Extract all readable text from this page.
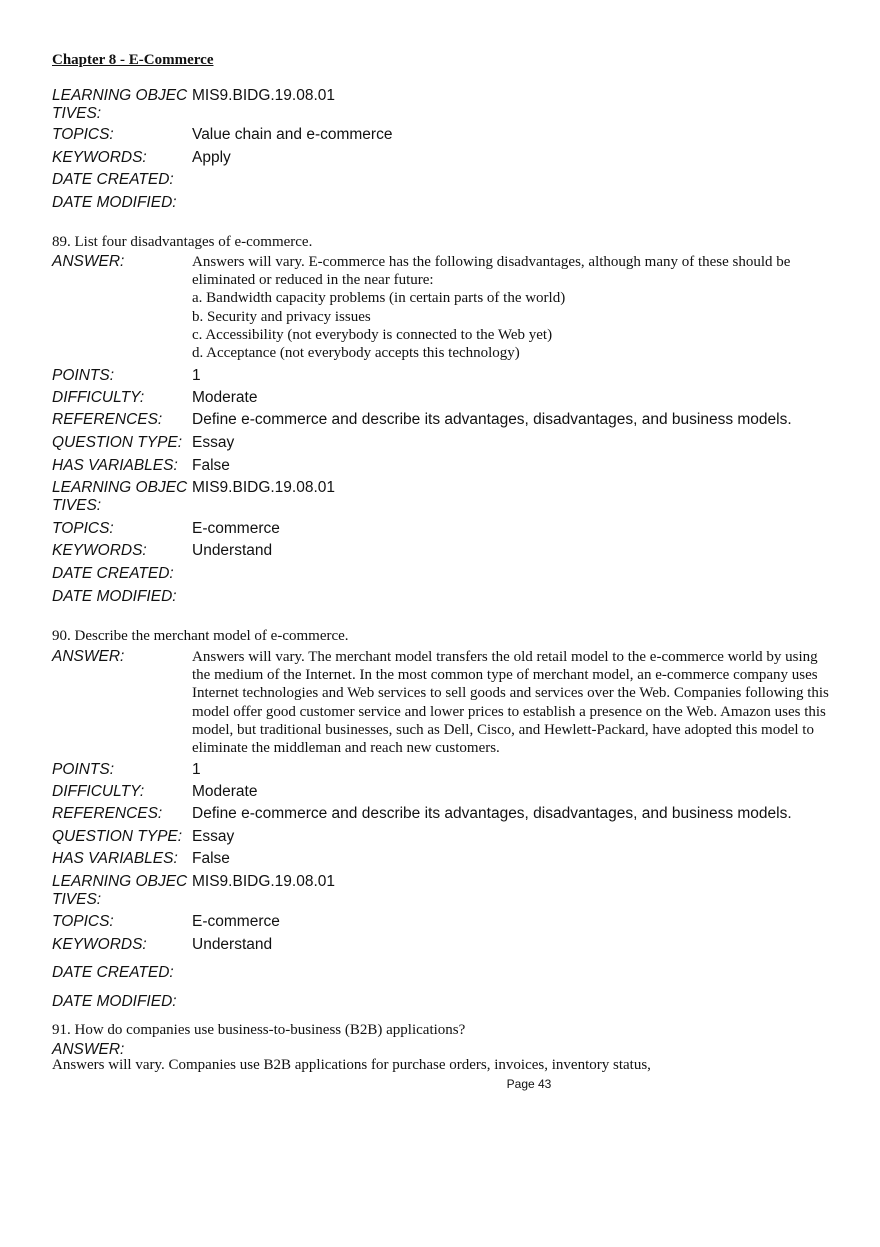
Chapter 8 - E-Commerce
LEARNING OBJECTIVES:
MIS9.BIDG.19.08.01
TOPICS:	Value chain and e-commerce
KEYWORDS:	Apply
DATE CREATED:
DATE MODIFIED:
89. List four disadvantages of e-commerce.
ANSWER:	Answers will vary. E-commerce has the following disadvantages, although many of these should be eliminated or reduced in the near future:

a. Bandwidth capacity problems (in certain parts of the world)

b. Security and privacy issues

c. Accessibility (not everybody is connected to the Web yet)

d. Acceptance (not everybody accepts this technology)

POINTS:	1
DIFFICULTY:	Moderate
REFERENCES:	Define e-commerce and describe its advantages, disadvantages, and business models.
QUESTION TYPE: Essay
HAS VARIABLES: False
LEARNING OBJECTIVES:
MIS9.BIDG.19.08.01
TOPICS:	E-commerce
KEYWORDS:	Understand
DATE CREATED:
DATE MODIFIED:
90. Describe the merchant model of e-commerce.
ANSWER:	Answers will vary. The merchant model transfers the old retail model to the e-commerce world by using the medium of the Internet. In the most common type of merchant model, an e-commerce company uses Internet technologies and Web services to sell goods and services over the Web. Companies following this model offer good customer service and lower prices to establish a presence on the Web. Amazon uses this model, but traditional businesses, such as Dell, Cisco, and Hewlett-Packard, have adopted this model to eliminate the middleman and reach new customers.
POINTS:	1
DIFFICULTY:	Moderate
REFERENCES:	Define e-commerce and describe its advantages, disadvantages, and business models.
QUESTION TYPE: Essay
HAS VARIABLES: False
LEARNING OBJECTIVES:
MIS9.BIDG.19.08.01
TOPICS:	E-commerce
KEYWORDS:	Understand
DATE CREATED:
DATE MODIFIED:
91. How do companies use business-to-business (B2B) applications?
ANSWER:
Answers will vary. Companies use B2B applications for purchase orders, invoices, inventory status,
Page 43
